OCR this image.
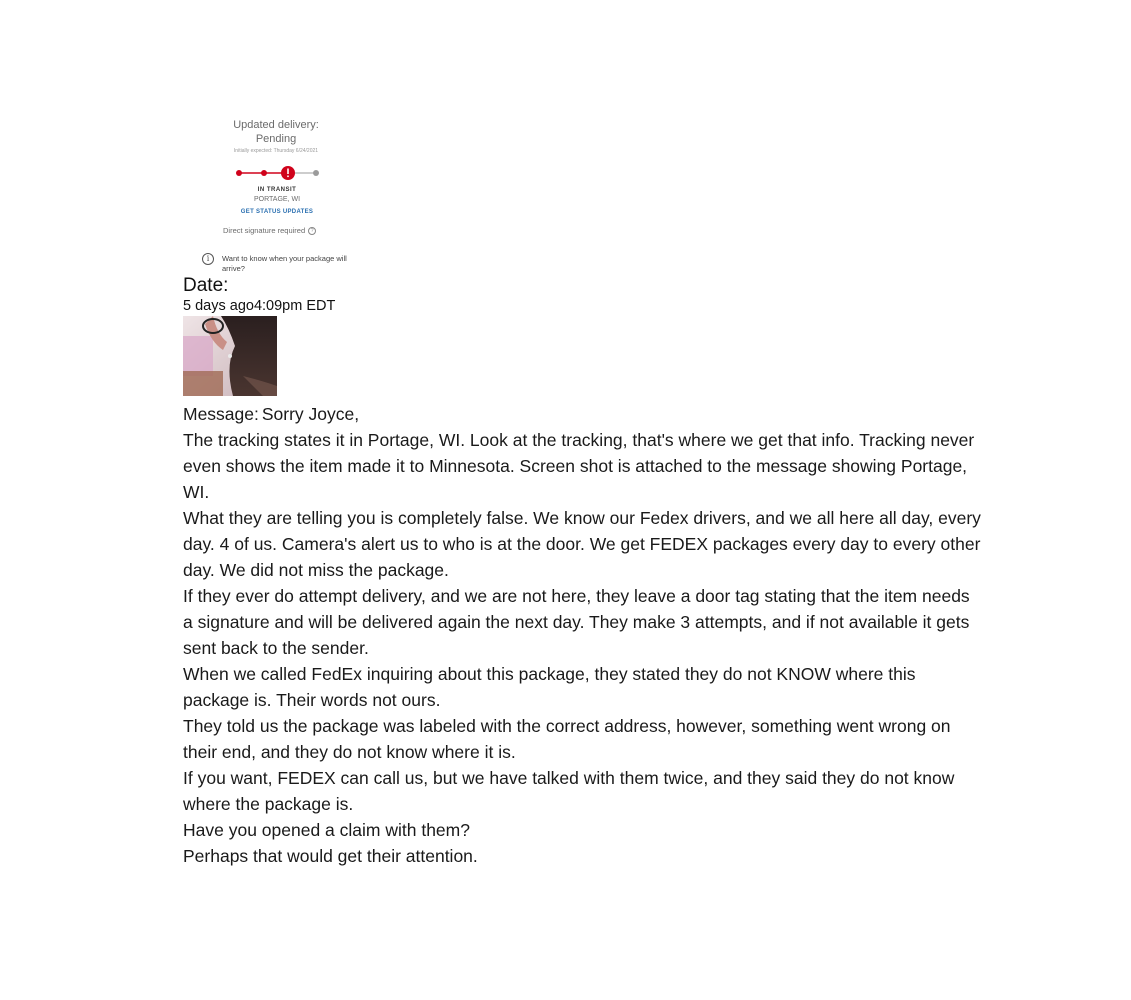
Updated delivery:
Pending
Initially expected: Thursday 6/24/2021
IN TRANSIT
PORTAGE, WI
GET STATUS UPDATES
Direct signature required ?
i	Want to know when your package will arrive?
Date:
5 days ago4:09pm EDT

Message: Sorry Joyce,

The tracking states it in Portage, WI. Look at the tracking, that's where we get that info. Tracking never even shows the item made it to Minnesota. Screen shot is attached to the message showing Portage, WI.

What they are telling you is completely false. We know our Fedex drivers, and we all here all day, every day. 4 of us. Camera's alert us to who is at the door. We get FEDEX packages every day to every other day. We did not miss the package.

If they ever do attempt delivery, and we are not here, they leave a door tag stating that the item needs a signature and will be delivered again the next day. They make 3 attempts, and if not available it gets sent back to the sender.

When we called FedEx inquiring about this package, they stated they do not KNOW where this package is. Their words not ours.

They told us the package was labeled with the correct address, however, something went wrong on their end, and they do not know where it is.

If you want, FEDEX can call us, but we have talked with them twice, and they said they do not know where the package is.

Have you opened a claim with them?

Perhaps that would get their attention.
